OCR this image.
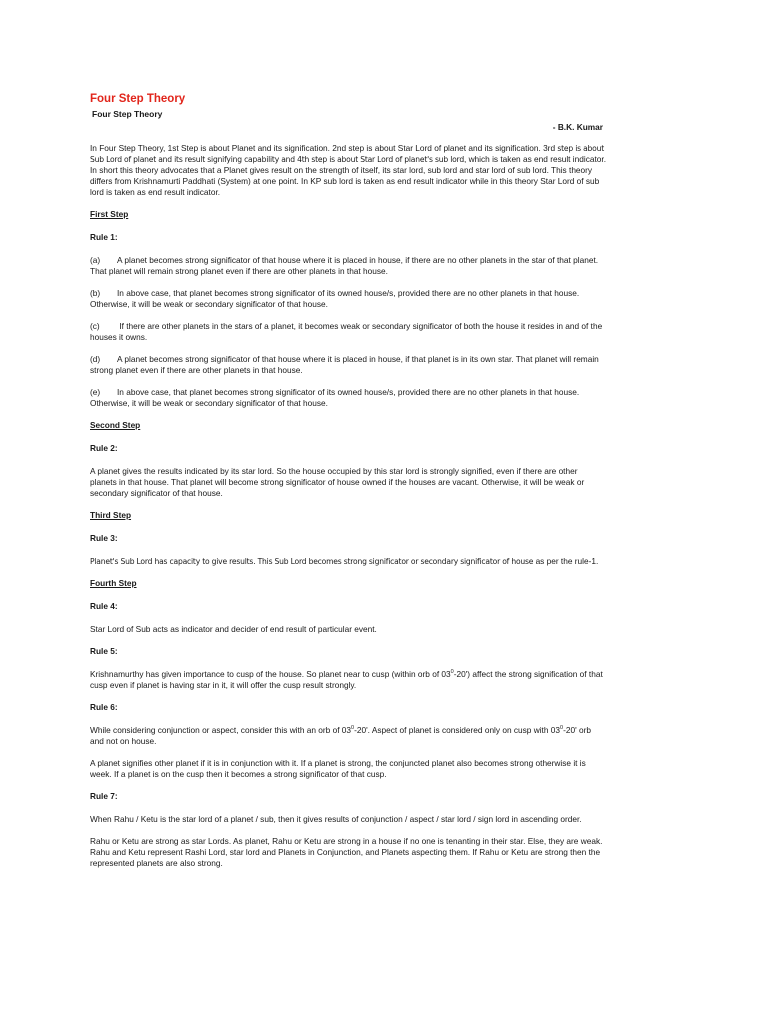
Four Step Theory
Four Step Theory
- B.K. Kumar

In Four Step Theory, 1st Step is about Planet and its signification. 2nd step is about Star Lord of planet and its signification. 3rd step is about Sub Lord of planet and its result signifying capability and 4th step is about Star Lord of planet's sub lord, which is taken as end result indicator. In short this theory advocates that a Planet gives result on the strength of itself, its star lord, sub lord and star lord of sub lord. This theory differs from Krishnamurti Paddhati (System) at one point. In KP sub lord is taken as end result indicator while in this theory Star Lord of sub lord is taken as end result indicator.

First Step
Rule 1:

(a) A planet becomes strong significator of that house where it is placed in house, if there are no other planets in the star of that planet. That planet will remain strong planet even if there are other planets in that house.

(b) In above case, that planet becomes strong significator of its owned house/s, provided there are no other planets in that house. Otherwise, it will be weak or secondary significator of that house.

(c) If there are other planets in the stars of a planet, it becomes weak or secondary significator of both the house it resides in and of the houses it owns.

(d) A planet becomes strong significator of that house where it is placed in house, if that planet is in its own star. That planet will remain strong planet even if there are other planets in that house.

(e) In above case, that planet becomes strong significator of its owned house/s, provided there are no other planets in that house. Otherwise, it will be weak or secondary significator of that house.

Second Step
Rule 2:

A planet gives the results indicated by its star lord. So the house occupied by this star lord is strongly signified, even if there are other planets in that house. That planet will become strong significator of house owned if the houses are vacant. Otherwise, it will be weak or secondary significator of that house.

Third Step
Rule 3:

Planet's Sub Lord has capacity to give results. This Sub Lord becomes strong significator or secondary significator of house as per the rule-1.

Fourth Step
Rule 4:

Star Lord of Sub acts as indicator and decider of end result of particular event.

Rule 5:

Krishnamurthy has given importance to cusp of the house. So planet near to cusp (within orb of $03^0-20'$) affect the strong signification of that cusp even if planet is having star in it, it will offer the cusp result strongly.

Rule 6:

While considering conjunction or aspect, consider this with an orb of $03^0-20'$. Aspect of planet is considered only on cusp with $03^0-20'$ orb and not on house.

A planet signifies other planet if it is in conjunction with it. If a planet is strong, the conjuncted planet also becomes strong otherwise it is week. If a planet is on the cusp then it becomes a strong significator of that cusp.

Rule 7:

When Rahu / Ketu is the star lord of a planet / sub, then it gives results of conjunction / aspect / star lord / sign lord in ascending order.

Rahu or Ketu are strong as star Lords. As planet, Rahu or Ketu are strong in a house if no one is tenanting in their star. Else, they are weak. Rahu and Ketu represent Rashi Lord, star lord and Planets in Conjunction, and Planets aspecting them. If Rahu or Ketu are strong then the represented planets are also strong.
